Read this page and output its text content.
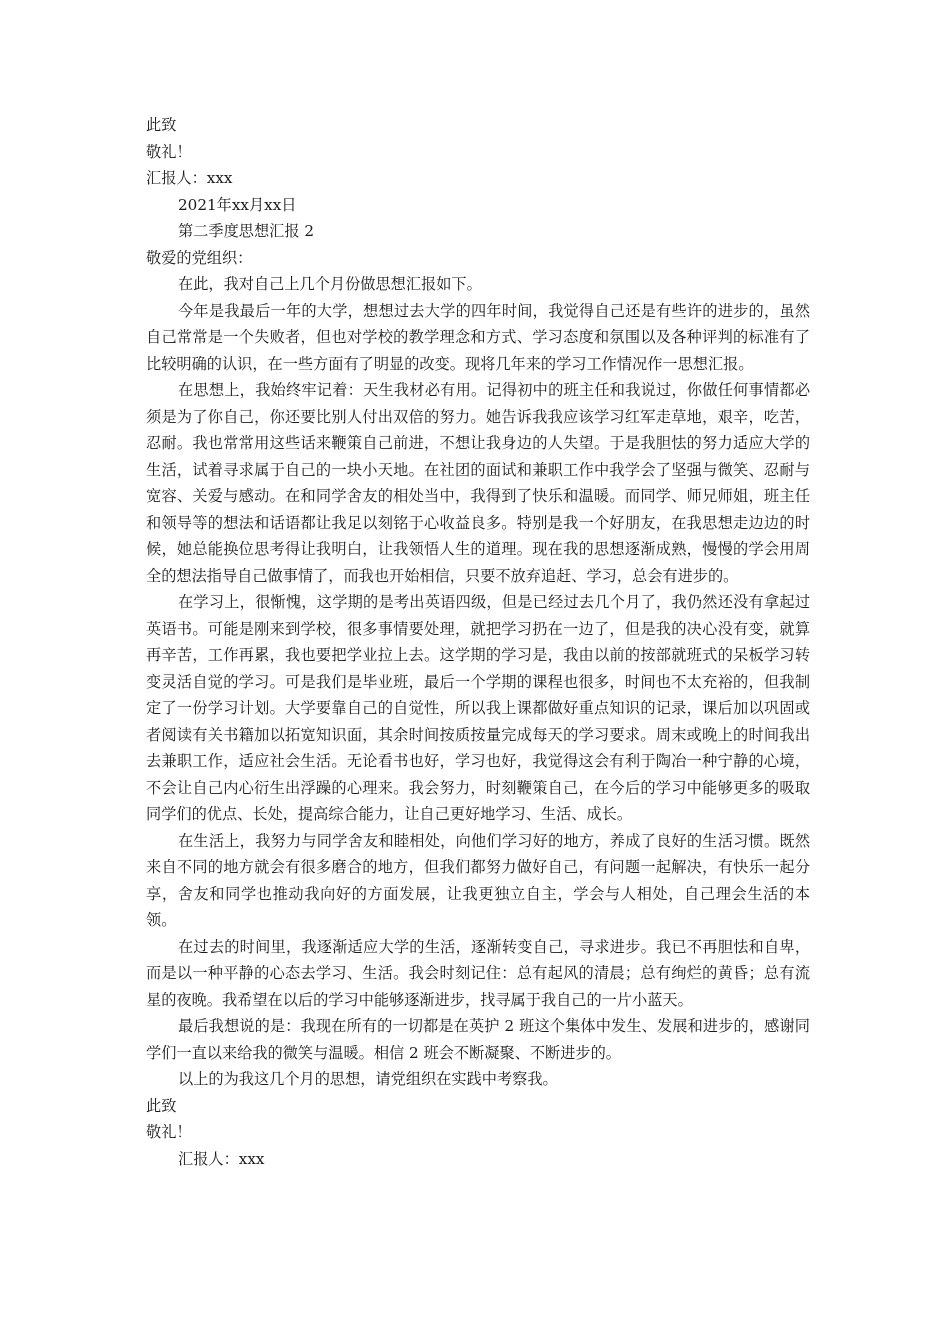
此致

敬礼！

汇报人：xxx

2021年xx月xx日

第二季度思想汇报 2

敬爱的党组织：

在此，我对自己上几个月份做思想汇报如下。

今年是我最后一年的大学，想想过去大学的四年时间，我觉得自己还是有些许的进步的，虽然自己常常是一个失败者，但也对学校的教学理念和方式、学习态度和氛围以及各种评判的标准有了比较明确的认识，在一些方面有了明显的改变。现将几年来的学习工作情况作一思想汇报。

在思想上，我始终牢记着：天生我材必有用。记得初中的班主任和我说过，你做任何事情都必须是为了你自己，你还要比别人付出双倍的努力。她告诉我我应该学习红军走草地，艰辛，吃苦，忍耐。我也常常用这些话来鞭策自己前进，不想让我身边的人失望。于是我胆怯的努力适应大学的生活，试着寻求属于自己的一块小天地。在社团的面试和兼职工作中我学会了坚强与微笑、忍耐与宽容、关爱与感动。在和同学舍友的相处当中，我得到了快乐和温暖。而同学、师兄师姐，班主任和领导等的想法和话语都让我足以刻铭于心收益良多。特别是我一个好朋友，在我思想走边边的时候，她总能换位思考得让我明白，让我领悟人生的道理。现在我的思想逐渐成熟，慢慢的学会用周全的想法指导自己做事情了，而我也开始相信，只要不放弃追赶、学习，总会有进步的。

在学习上，很惭愧，这学期的是考出英语四级，但是已经过去几个月了，我仍然还没有拿起过英语书。可能是刚来到学校，很多事情要处理，就把学习扔在一边了，但是我的决心没有变，就算再辛苦，工作再累，我也要把学业拉上去。这学期的学习是，我由以前的按部就班式的呆板学习转变灵活自觉的学习。可是我们是毕业班，最后一个学期的课程也很多，时间也不太充裕的，但我制定了一份学习计划。大学要靠自己的自觉性，所以我上课都做好重点知识的记录，课后加以巩固或者阅读有关书籍加以拓宽知识面，其余时间按质按量完成每天的学习要求。周末或晚上的时间我出去兼职工作，适应社会生活。无论看书也好，学习也好，我觉得这会有利于陶冶一种宁静的心境，不会让自己内心衍生出浮躁的心理来。我会努力，时刻鞭策自己，在今后的学习中能够更多的吸取同学们的优点、长处，提高综合能力，让自己更好地学习、生活、成长。

在生活上，我努力与同学舍友和睦相处，向他们学习好的地方，养成了良好的生活习惯。既然来自不同的地方就会有很多磨合的地方，但我们都努力做好自己，有问题一起解决，有快乐一起分享，舍友和同学也推动我向好的方面发展，让我更独立自主，学会与人相处，自己理会生活的本领。

在过去的时间里，我逐渐适应大学的生活，逐渐转变自己，寻求进步。我已不再胆怯和自卑，而是以一种平静的心态去学习、生活。我会时刻记住：总有起风的清晨；总有绚烂的黄昏；总有流星的夜晚。我希望在以后的学习中能够逐渐进步，找寻属于我自己的一片小蓝天。

最后我想说的是：我现在所有的一切都是在英护 2 班这个集体中发生、发展和进步的，感谢同学们一直以来给我的微笑与温暖。相信 2 班会不断凝聚、不断进步的。

以上的为我这几个月的思想，请党组织在实践中考察我。

此致

敬礼！

汇报人：xxx
